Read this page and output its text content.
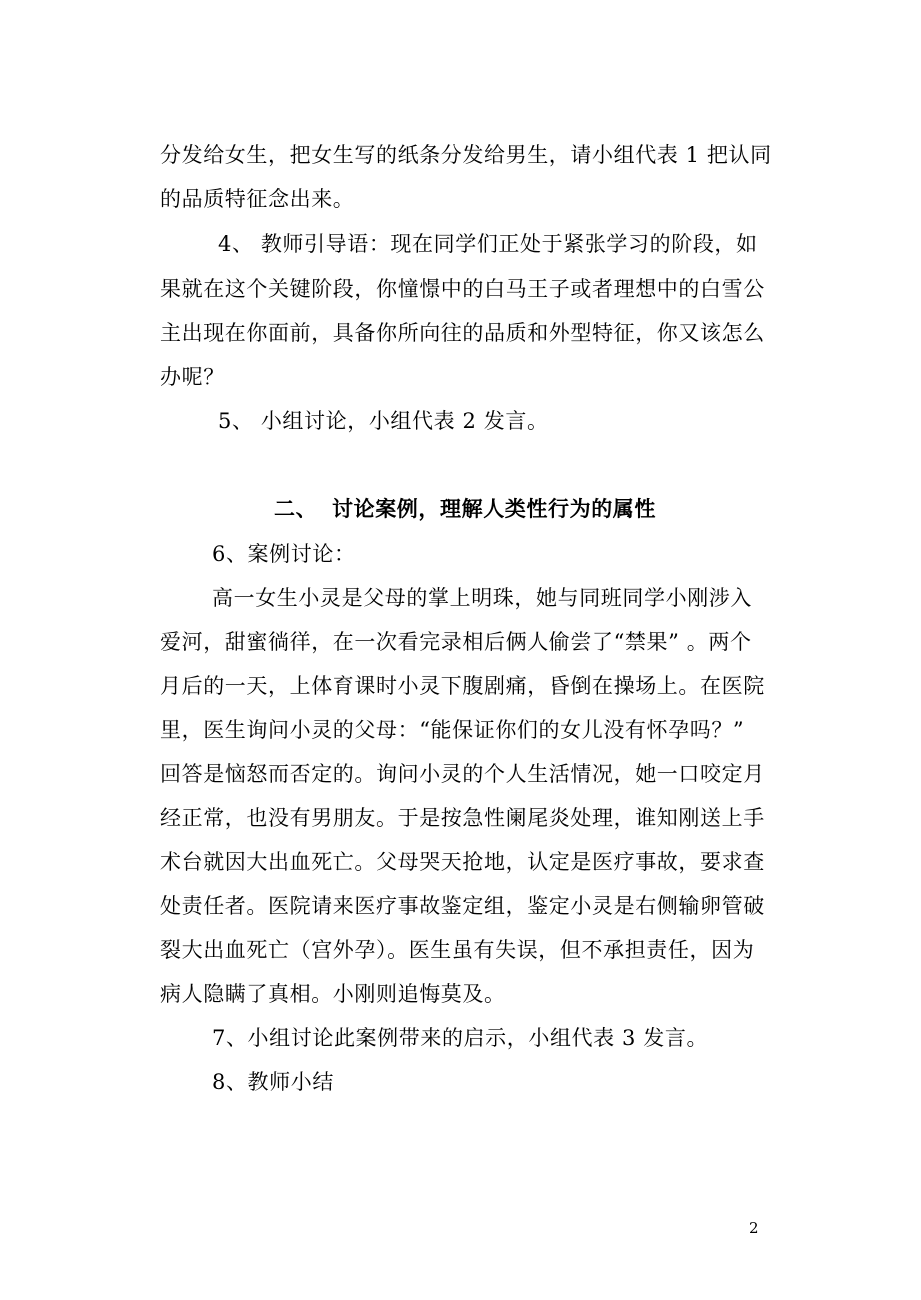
分发给女生，把女生写的纸条分发给男生，请小组代表 1 把认同
的品质特征念出来。
4、 教师引导语：现在同学们正处于紧张学习的阶段，如
果就在这个关键阶段，你憧憬中的白马王子或者理想中的白雪公
主出现在你面前，具备你所向往的品质和外型特征，你又该怎么
办呢？
5、 小组讨论，小组代表 2 发言。
二、 讨论案例，理解人类性行为的属性
6、案例讨论：
高一女生小灵是父母的掌上明珠，她与同班同学小刚涉入
爱河，甜蜜徜徉，在一次看完录相后俩人偷尝了“禁果” 。两个
月后的一天，上体育课时小灵下腹剧痛，昏倒在操场上。在医院
里，医生询问小灵的父母：“能保证你们的女儿没有怀孕吗？”
回答是恼怒而否定的。询问小灵的个人生活情况，她一口咬定月
经正常，也没有男朋友。于是按急性阑尾炎处理，谁知刚送上手
术台就因大出血死亡。父母哭天抢地，认定是医疗事故，要求查
处责任者。医院请来医疗事故鉴定组，鉴定小灵是右侧输卵管破
裂大出血死亡（宫外孕）。医生虽有失误，但不承担责任，因为
病人隐瞒了真相。小刚则追悔莫及。
7、小组讨论此案例带来的启示，小组代表 3 发言。
8、教师小结
2
